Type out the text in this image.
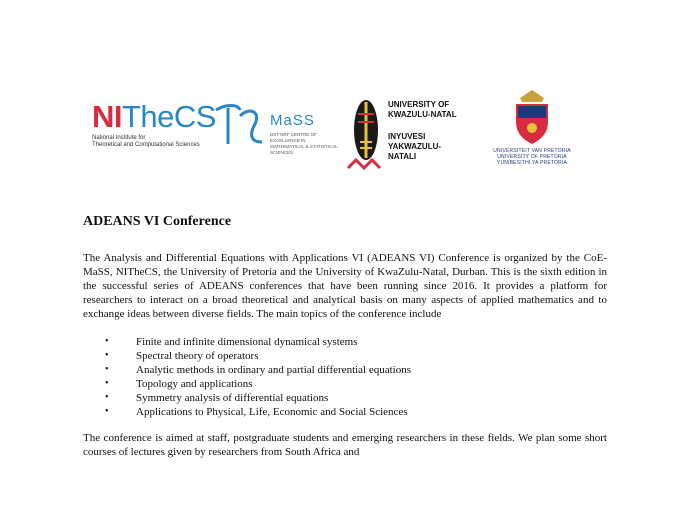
NITheCS
National Institute for
Theoretical and Computational Sciences
MaSS
DST-NRF CENTRE OF EXCELLENCE IN MATHEMATICAL & STATISTICAL SCIENCES
UNIVERSITY OF
KWAZULU-NATAL
INYUVESI
YAKWAZULU-NATALI
UNIVERSITEIT VAN PRETORIA
UNIVERSITY OF PRETORIA
YUNIBESITHI YA PRETORIA
ADEANS VI Conference

The Analysis and Differential Equations with Applications VI (ADEANS VI) Conference is organized by the CoE-MaSS, NITheCS, the University of Pretoria and the University of KwaZulu-Natal, Durban. This is the sixth edition in the successful series of ADEANS conferences that have been running since 2016. It provides a platform for researchers to interact on a broad theoretical and analytical basis on many aspects of applied mathematics and to exchange ideas between diverse fields. The main topics of the conference include

• Finite and infinite dimensional dynamical systems
• Spectral theory of operators
• Analytic methods in ordinary and partial differential equations
• Topology and applications
• Symmetry analysis of differential equations
• Applications to Physical, Life, Economic and Social Sciences

The conference is aimed at staff, postgraduate students and emerging researchers in these fields. We plan some short courses of lectures given by researchers from South Africa and
